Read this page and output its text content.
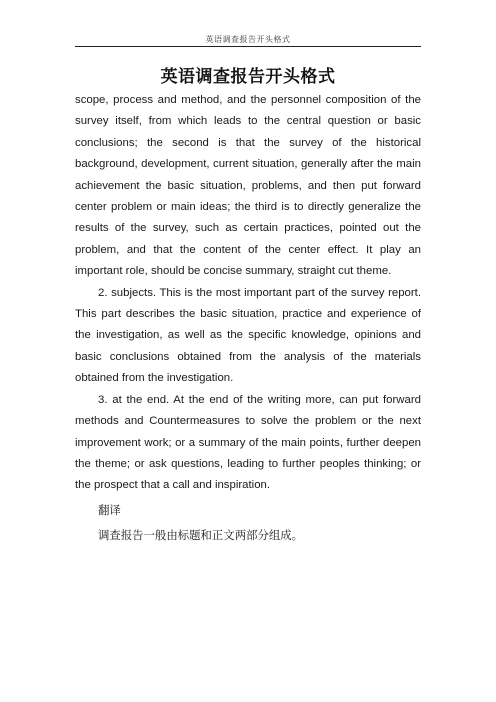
英语调查报告开头格式
英语调查报告开头格式

scope, process and method, and the personnel composition of the survey itself, from which leads to the central question or basic conclusions; the second is that the survey of the historical background, development, current situation, generally after the main achievement the basic situation, problems, and then put forward center problem or main ideas; the third is to directly generalize the results of the survey, such as certain practices, pointed out the problem, and that the content of the center effect. It play an important role, should be concise summary, straight cut theme.

2. subjects. This is the most important part of the survey report. This part describes the basic situation, practice and experience of the investigation, as well as the specific knowledge, opinions and basic conclusions obtained from the analysis of the materials obtained from the investigation.

3. at the end. At the end of the writing more, can put forward methods and Countermeasures to solve the problem or the next improvement work; or a summary of the main points, further deepen the theme; or ask questions, leading to further peoples thinking; or the prospect that a call and inspiration.

翻译

调查报告一般由标题和正文两部分组成。
